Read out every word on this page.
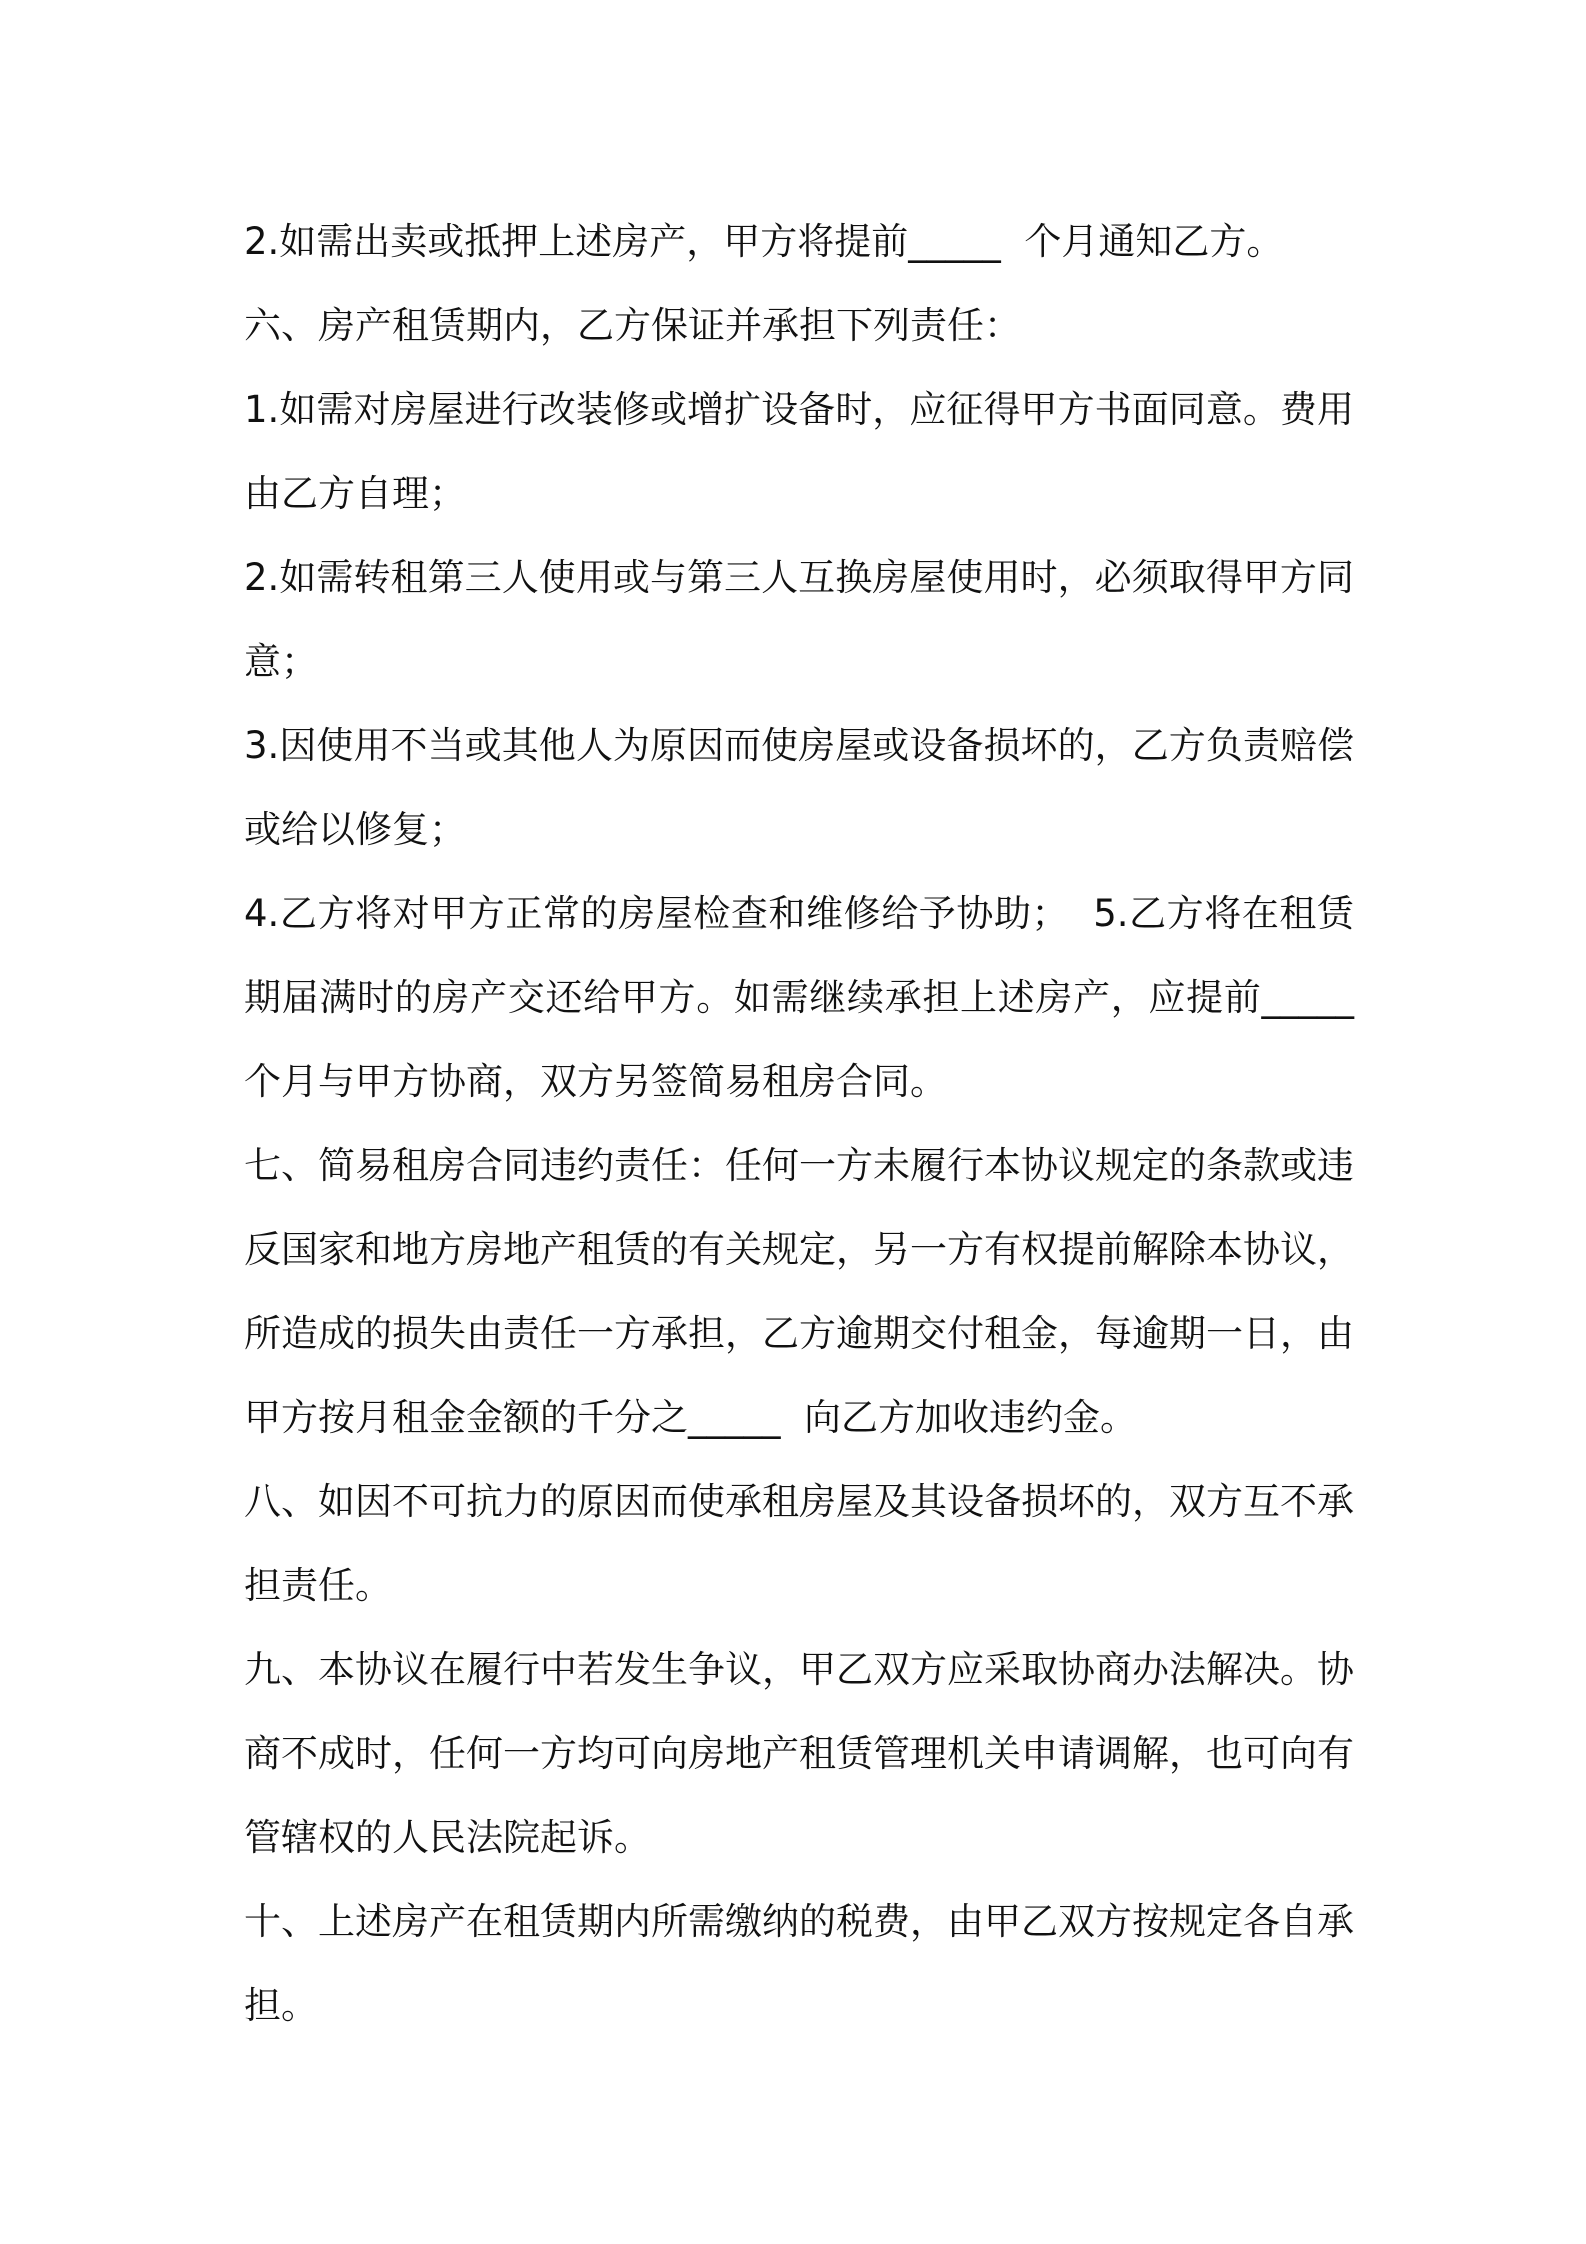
2.如需出卖或抵押上述房产，甲方将提前_____  个月通知乙方。
六、房产租赁期内，乙方保证并承担下列责任：
1.如需对房屋进行改装修或增扩设备时，应征得甲方书面同意。费用
由乙方自理；
2.如需转租第三人使用或与第三人互换房屋使用时，必须取得甲方同
意；
3.因使用不当或其他人为原因而使房屋或设备损坏的，乙方负责赔偿
或给以修复；
4.乙方将对甲方正常的房屋检查和维修给予协助；  5.乙方将在租赁
期届满时的房产交还给甲方。如需继续承担上述房产，应提前_____
个月与甲方协商，双方另签简易租房合同。
七、简易租房合同违约责任：任何一方未履行本协议规定的条款或违
反国家和地方房地产租赁的有关规定，另一方有权提前解除本协议，
所造成的损失由责任一方承担，乙方逾期交付租金，每逾期一日，由
甲方按月租金金额的千分之_____  向乙方加收违约金。
八、如因不可抗力的原因而使承租房屋及其设备损坏的，双方互不承
担责任。
九、本协议在履行中若发生争议，甲乙双方应采取协商办法解决。协
商不成时，任何一方均可向房地产租赁管理机关申请调解，也可向有
管辖权的人民法院起诉。
十、上述房产在租赁期内所需缴纳的税费，由甲乙双方按规定各自承
担。
